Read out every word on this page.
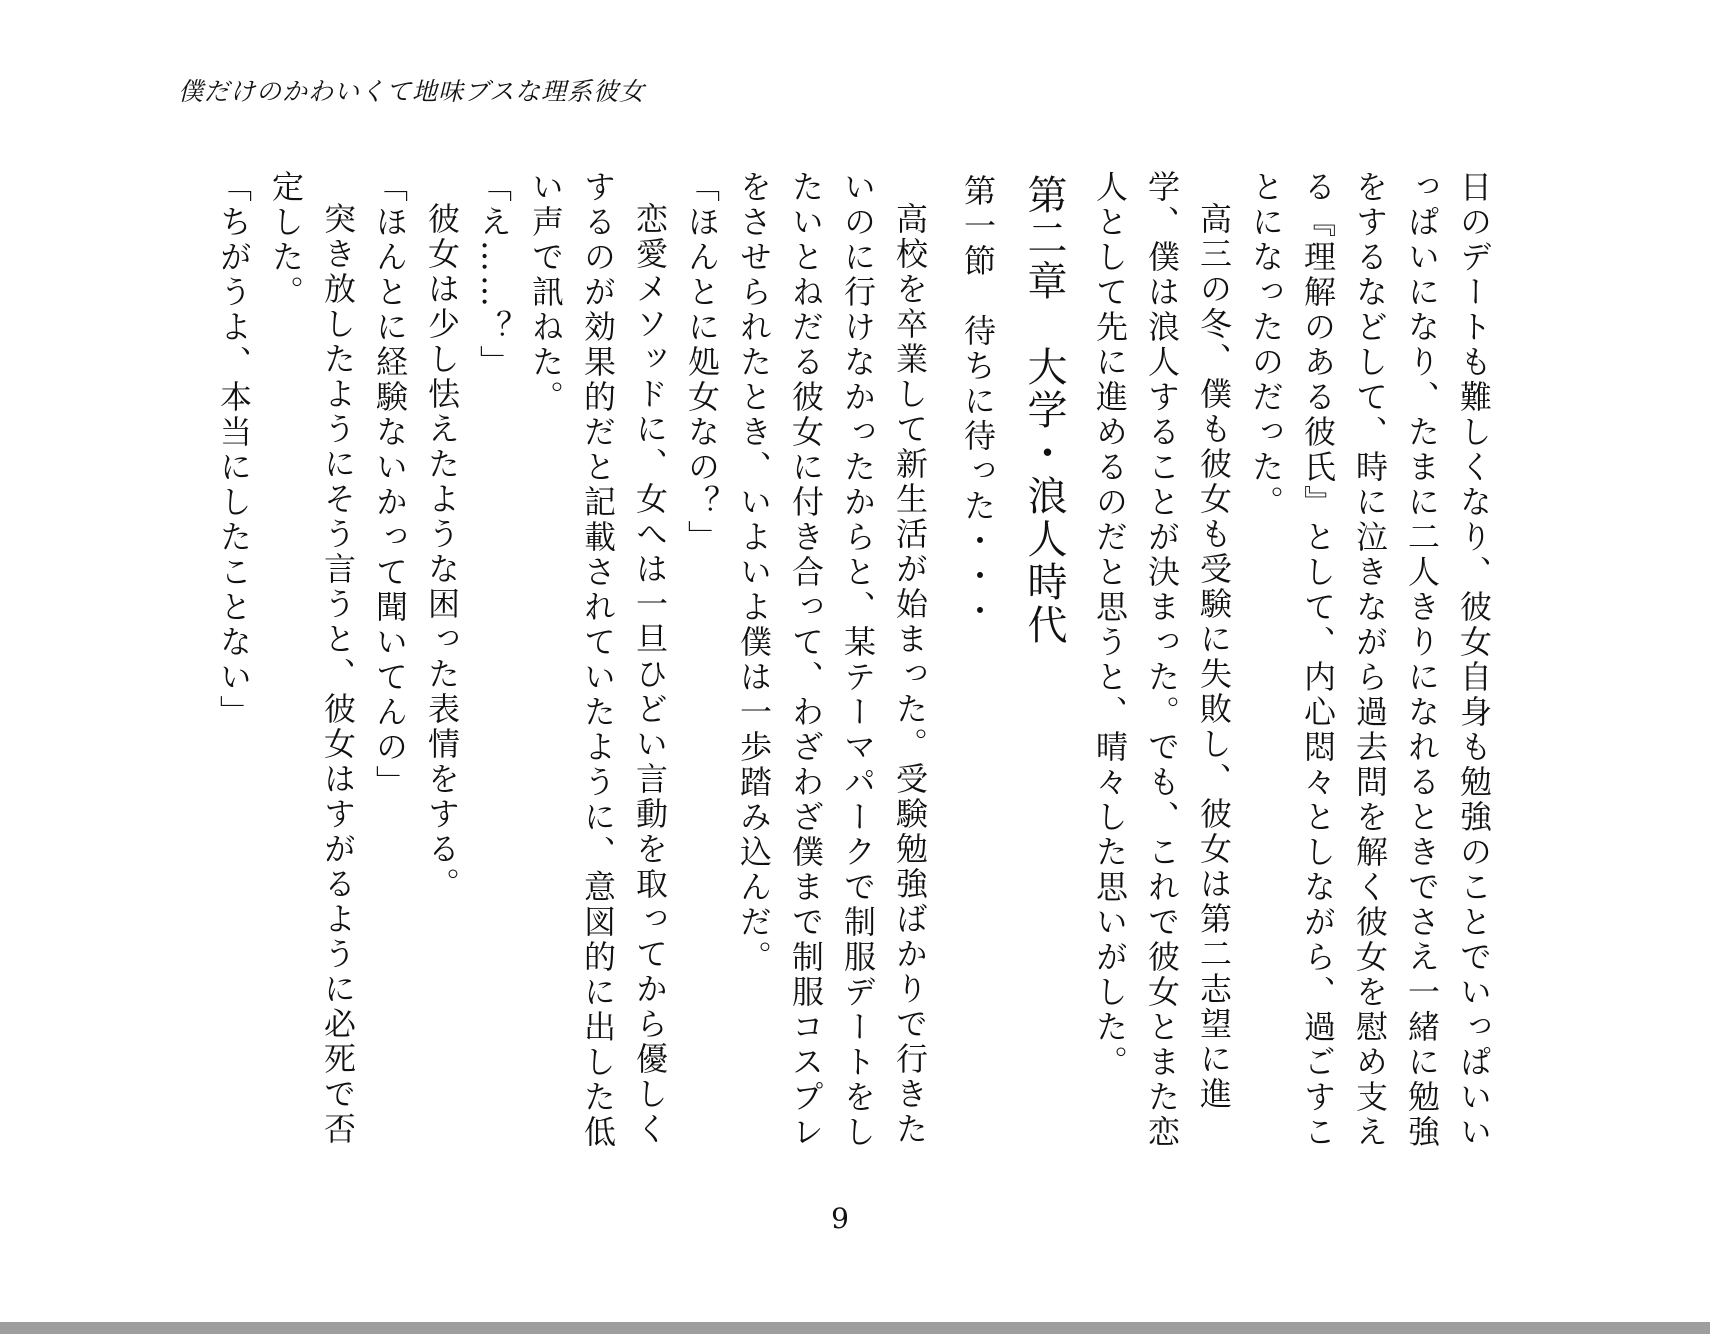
僕だけのかわいくて地味ブスな理系彼女

日のデートも難しくなり、彼女自身も勉強のことでいっぱいいっぱいになり、たまに二人きりになれるときでさえ一緒に勉強をするなどして、時に泣きながら過去問を解く彼女を慰め支える『理解のある彼氏』として、内心悶々としながら、過ごすことになったのだった。

高三の冬、僕も彼女も受験に失敗し、彼女は第二志望に進学、僕は浪人することが決まった。でも、これで彼女とまた恋人として先に進めるのだと思うと、晴々した思いがした。

第二章　大学・浪人時代

第一節　待ちに待った・・・

高校を卒業して新生活が始まった。受験勉強ばかりで行きたいのに行けなかったからと、某テーマパークで制服デートをしたいとねだる彼女に付き合って、わざわざ僕まで制服コスプレをさせられたとき、いよいよ僕は一歩踏み込んだ。

「ほんとに処女なの？」

恋愛メソッドに、女へは一旦ひどい言動を取ってから優しくするのが効果的だと記載されていたように、意図的に出した低い声で訊ねた。

「え……？」

彼女は少し怯えたような困った表情をする。

「ほんとに経験ないかって聞いてんの」

突き放したようにそう言うと、彼女はすがるように必死で否定した。

「ちがうよ、本当にしたことない」

9
